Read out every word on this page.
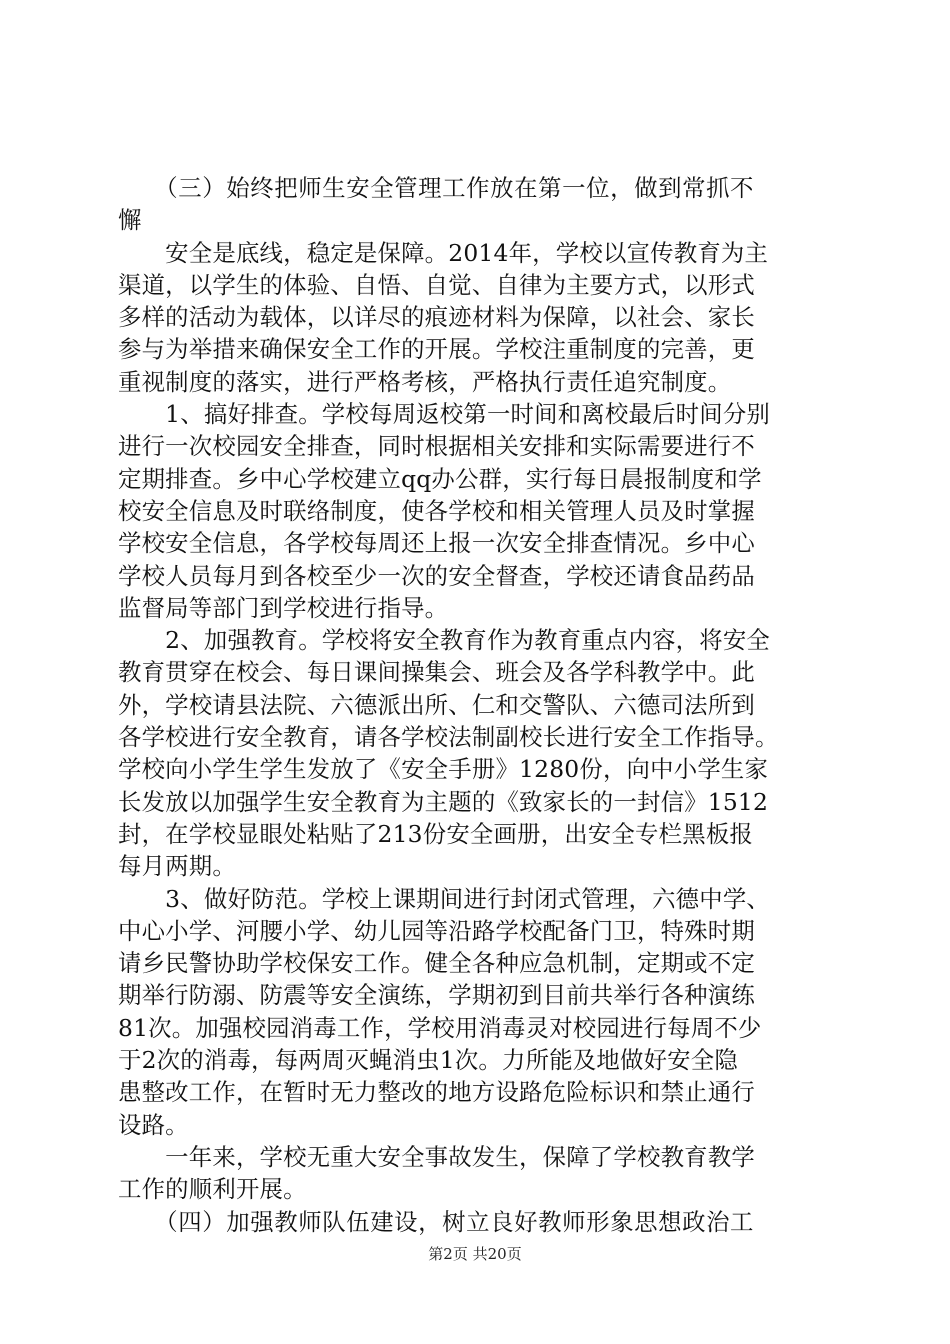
　　（三）始终把师生安全管理工作放在第一位，做到常抓不
懈
　　安全是底线，稳定是保障。2014年，学校以宣传教育为主
渠道，以学生的体验、自悟、自觉、自律为主要方式，以形式
多样的活动为载体，以详尽的痕迹材料为保障，以社会、家长
参与为举措来确保安全工作的开展。学校注重制度的完善，更
重视制度的落实，进行严格考核，严格执行责任追究制度。
　　1、搞好排查。学校每周返校第一时间和离校最后时间分别
进行一次校园安全排查，同时根据相关安排和实际需要进行不
定期排查。乡中心学校建立qq办公群，实行每日晨报制度和学
校安全信息及时联络制度，使各学校和相关管理人员及时掌握
学校安全信息，各学校每周还上报一次安全排查情况。乡中心
学校人员每月到各校至少一次的安全督查，学校还请食品药品
监督局等部门到学校进行指导。
　　2、加强教育。学校将安全教育作为教育重点内容，将安全
教育贯穿在校会、每日课间操集会、班会及各学科教学中。此
外，学校请县法院、六德派出所、仁和交警队、六德司法所到
各学校进行安全教育，请各学校法制副校长进行安全工作指导。
学校向小学生学生发放了《安全手册》1280份，向中小学生家
长发放以加强学生安全教育为主题的《致家长的一封信》1512
封，在学校显眼处粘贴了213份安全画册，出安全专栏黑板报
每月两期。
　　3、做好防范。学校上课期间进行封闭式管理，六德中学、
中心小学、河腰小学、幼儿园等沿路学校配备门卫，特殊时期
请乡民警协助学校保安工作。健全各种应急机制，定期或不定
期举行防溺、防震等安全演练，学期初到目前共举行各种演练
81次。加强校园消毒工作，学校用消毒灵对校园进行每周不少
于2次的消毒，每两周灭蝇消虫1次。力所能及地做好安全隐
患整改工作，在暂时无力整改的地方设路危险标识和禁止通行
设路。
　　一年来，学校无重大安全事故发生，保障了学校教育教学
工作的顺利开展。
　　（四）加强教师队伍建设，树立良好教师形象思想政治工
第2页 共20页
